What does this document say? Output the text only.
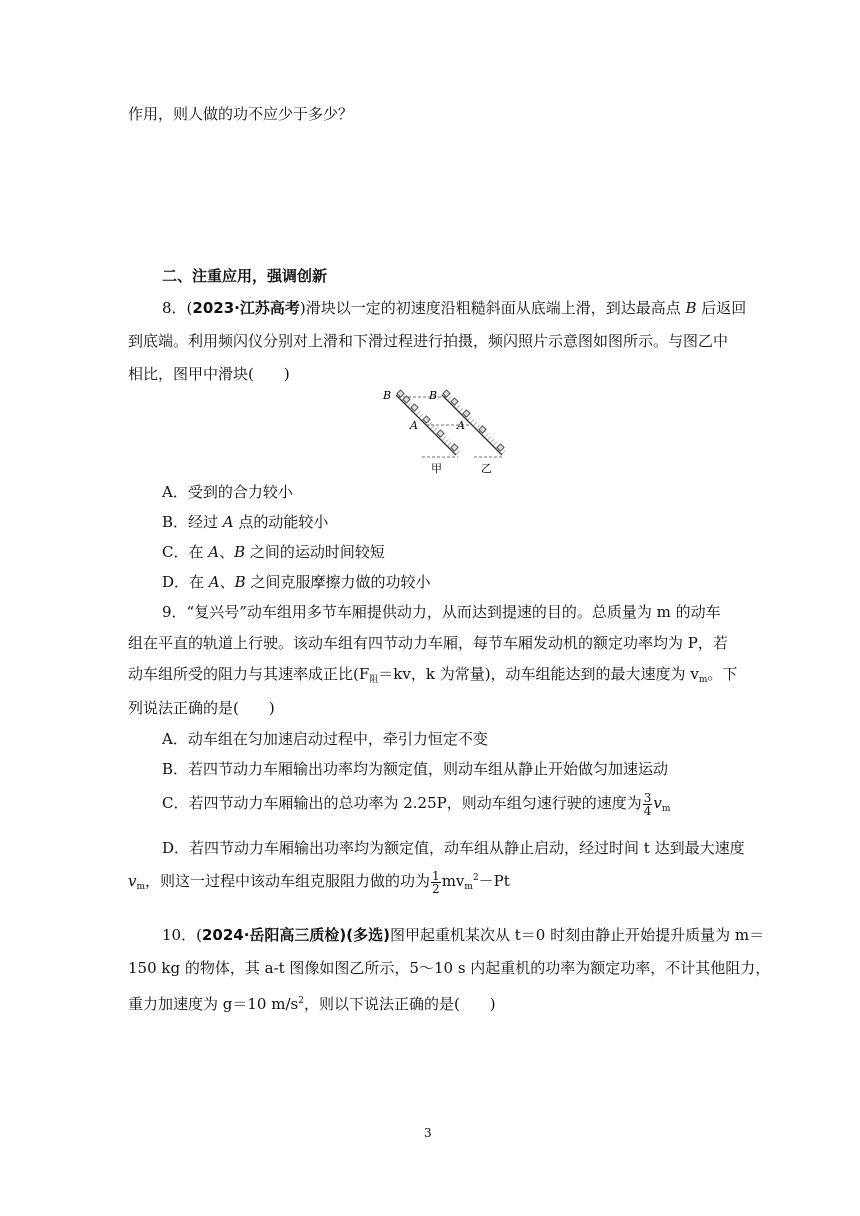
作用，则人做的功不应少于多少？
二、注重应用，强调创新
8．(2023·江苏高考)滑块以一定的初速度沿粗糙斜面从底端上滑，到达最高点 B 后返回
到底端。利用频闪仪分别对上滑和下滑过程进行拍摄，频闪照片示意图如图所示。与图乙中
相比，图甲中滑块(　　)
B	B
A	A
甲	乙
A．受到的合力较小
B．经过 A 点的动能较小
C．在 A、B 之间的运动时间较短
D．在 A、B 之间克服摩擦力做的功较小
9．“复兴号”动车组用多节车厢提供动力，从而达到提速的目的。总质量为 m 的动车
组在平直的轨道上行驶。该动车组有四节动力车厢，每节车厢发动机的额定功率均为 P，若
动车组所受的阻力与其速率成正比($F_阻=kv$，k 为常量)，动车组能达到的最大速度为 $v_m$。下
列说法正确的是(　　)
A．动车组在匀加速启动过程中，牵引力恒定不变
B．若四节动力车厢输出功率均为额定值，则动车组从静止开始做匀加速运动
C．若四节动力车厢输出的总功率为 2.25P，则动车组匀速行驶的速度为 $\frac{3}{4} v_m$
D．若四节动力车厢输出功率均为额定值，动车组从静止启动，经过时间 t 达到最大速度
$v_m$，则这一过程中该动车组克服阻力做的功为 $\frac{1}{2} mv_m^2-Pt$
10．(2024·岳阳高三质检)(多选)图甲起重机某次从 t＝0 时刻由静止开始提升质量为 m＝
150 kg 的物体，其 a-t 图像如图乙所示，5～10 s 内起重机的功率为额定功率，不计其他阻力，
重力加速度为 g＝10 $m/s^2$，则以下说法正确的是(　　)
3
